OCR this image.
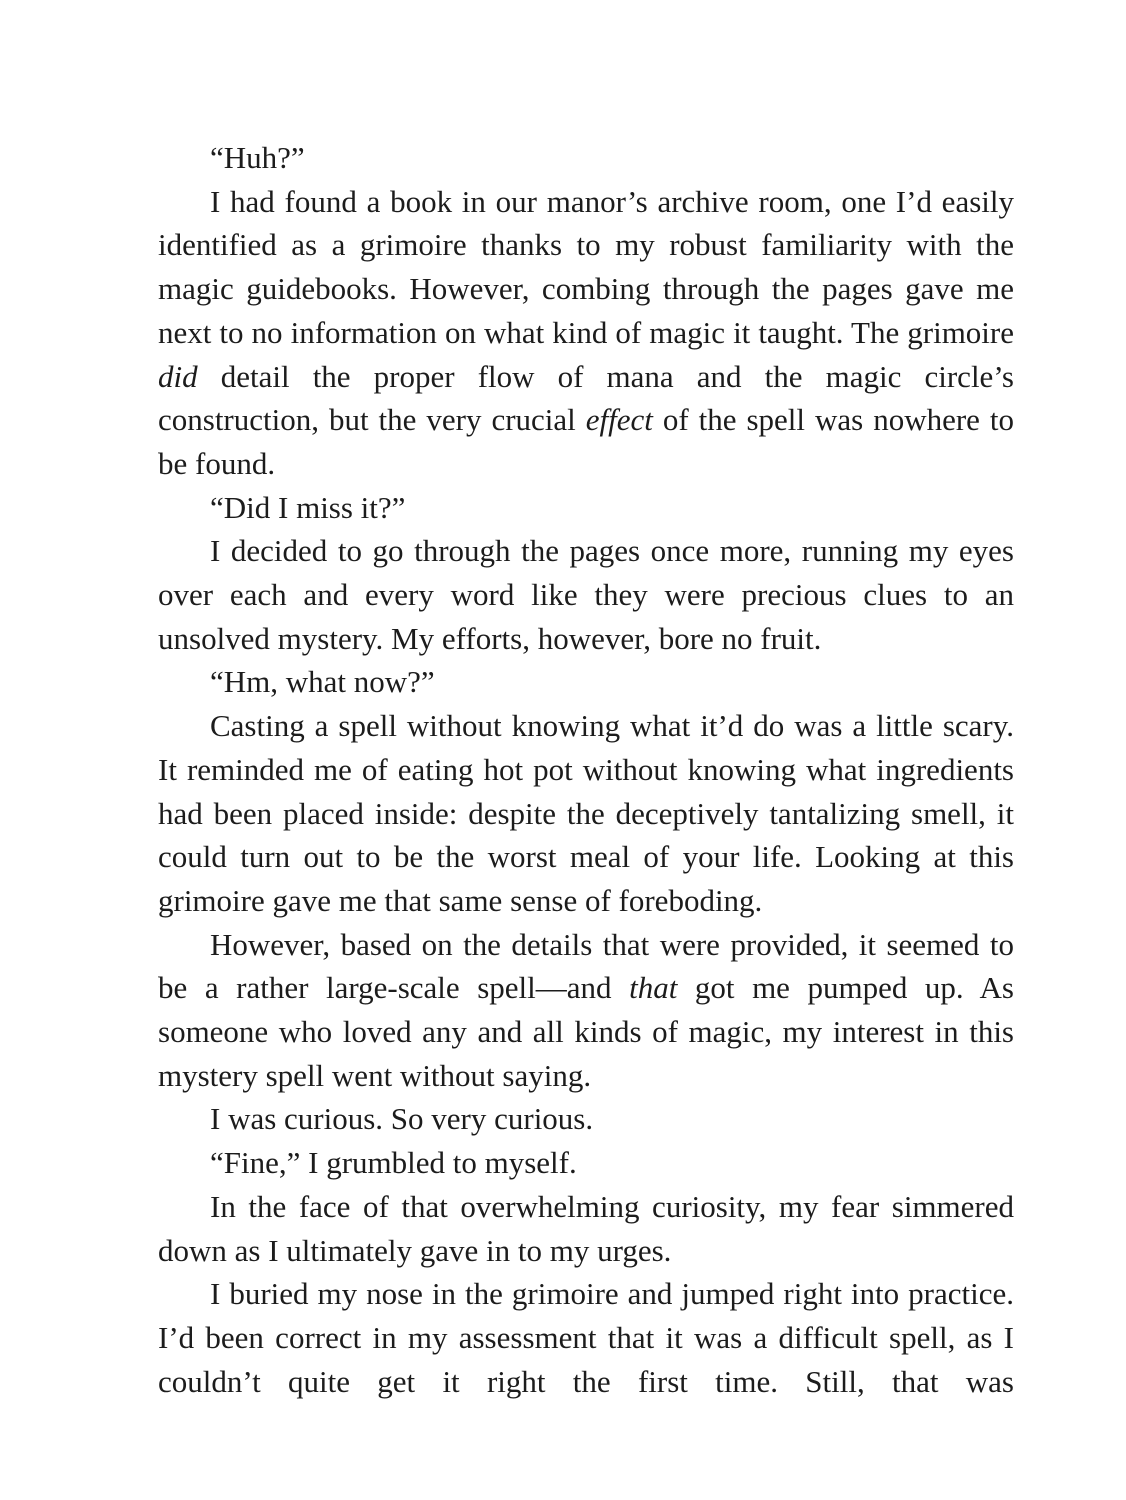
“Huh?”

I had found a book in our manor’s archive room, one I’d easily identified as a grimoire thanks to my robust familiarity with the magic guidebooks. However, combing through the pages gave me next to no information on what kind of magic it taught. The grimoire did detail the proper flow of mana and the magic circle’s construction, but the very crucial effect of the spell was nowhere to be found.

“Did I miss it?”

I decided to go through the pages once more, running my eyes over each and every word like they were precious clues to an unsolved mystery. My efforts, however, bore no fruit.

“Hm, what now?”

Casting a spell without knowing what it’d do was a little scary. It reminded me of eating hot pot without knowing what ingredients had been placed inside: despite the deceptively tantalizing smell, it could turn out to be the worst meal of your life. Looking at this grimoire gave me that same sense of foreboding.

However, based on the details that were provided, it seemed to be a rather large-scale spell—and that got me pumped up. As someone who loved any and all kinds of magic, my interest in this mystery spell went without saying.

I was curious. So very curious.

“Fine,” I grumbled to myself.

In the face of that overwhelming curiosity, my fear simmered down as I ultimately gave in to my urges.

I buried my nose in the grimoire and jumped right into practice. I’d been correct in my assessment that it was a difficult spell, as I couldn’t quite get it right the first time. Still, that was
